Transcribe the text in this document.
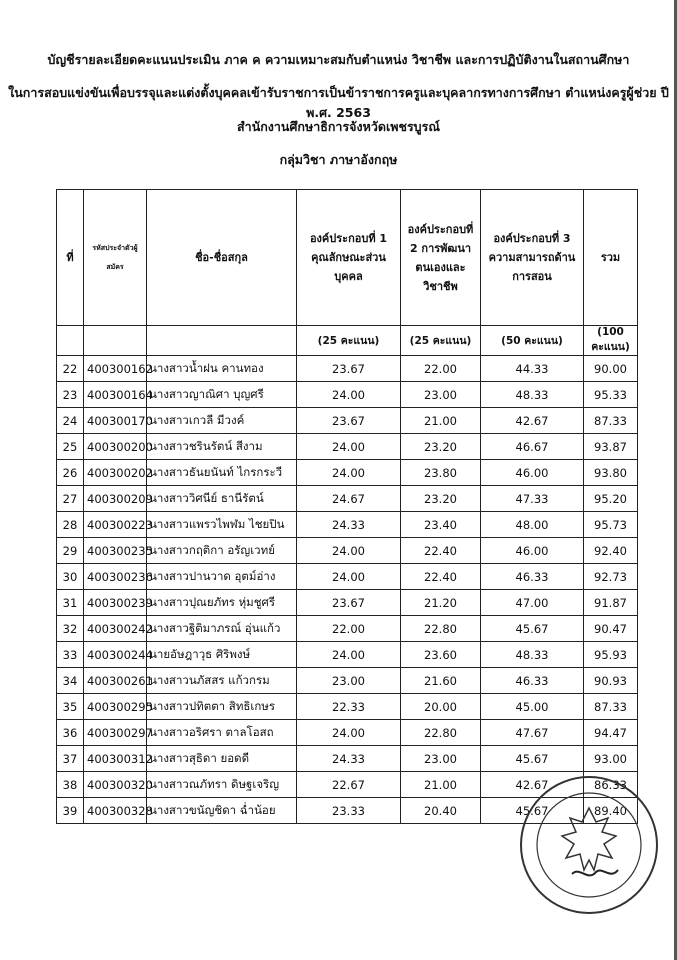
บัญชีรายละเอียดคะแนนประเมิน ภาค ค ความเหมาะสมกับตำแหน่ง วิชาชีพ และการปฏิบัติงานในสถานศึกษา
ในการสอบแข่งขันเพื่อบรรจุและแต่งตั้งบุคคลเข้ารับราชการเป็นข้าราชการครูและบุคลากรทางการศึกษา ตำแหน่งครูผู้ช่วย ปี พ.ศ. 2563
สำนักงานศึกษาธิการจังหวัดเพชรบูรณ์
กลุ่มวิชา ภาษาอังกฤษ
ที่	รหัสประจำตัวผู้สมัคร	ชื่อ-ชื่อสกุล	องค์ประกอบที่ 1 คุณลักษณะส่วนบุคคล	องค์ประกอบที่ 2 การพัฒนาตนเองและวิชาชีพ	องค์ประกอบที่ 3 ความสามารถด้านการสอน	รวม
			(25 คะแนน)	(25 คะแนน)	(50 คะแนน)	(100 คะแนน)
22	400300162	นางสาวน้ำฝน คานทอง	23.67	22.00	44.33	90.00
23	400300164	นางสาวญาณิศา บุญศรี	24.00	23.00	48.33	95.33
24	400300170	นางสาวเกวลี มีวงค์	23.67	21.00	42.67	87.33
25	400300200	นางสาวชรินรัตน์ สีงาม	24.00	23.20	46.67	93.87
26	400300202	นางสาวธันยนันท์ ไกรกระวี	24.00	23.80	46.00	93.80
27	400300209	นางสาววิศนีย์ ธานีรัตน์	24.67	23.20	47.33	95.20
28	400300223	นางสาวแพรวไพฬม ไชยปิน	24.33	23.40	48.00	95.73
29	400300235	นางสาวกฤติกา อรัญเวทย์	24.00	22.40	46.00	92.40
30	400300236	นางสาวปานวาด อุตม์อ่าง	24.00	22.40	46.33	92.73
31	400300239	นางสาวปุณยภัทร หุ่มชูศรี	23.67	21.20	47.00	91.87
32	400300242	นางสาวฐิติมาภรณ์ อุ่นแก้ว	22.00	22.80	45.67	90.47
33	400300244	นายอัษฎาวุธ ศิริพงษ์	24.00	23.60	48.33	95.93
34	400300261	นางสาวนภัสสร แก้วกรม	23.00	21.60	46.33	90.93
35	400300295	นางสาวปทิตตา สิทธิเกษร	22.33	20.00	45.00	87.33
36	400300297	นางสาวอริศรา ตาลโอสถ	24.00	22.80	47.67	94.47
37	400300312	นางสาวสุธิดา ยอดดี	24.33	23.00	45.67	93.00
38	400300320	นางสาวณภัทรา ดิษฐเจริญ	22.67	21.00	42.67	86.33
39	400300328	นางสาวขนัญชิดา ฉ่ำน้อย	23.33	20.40	45.67	89.40
